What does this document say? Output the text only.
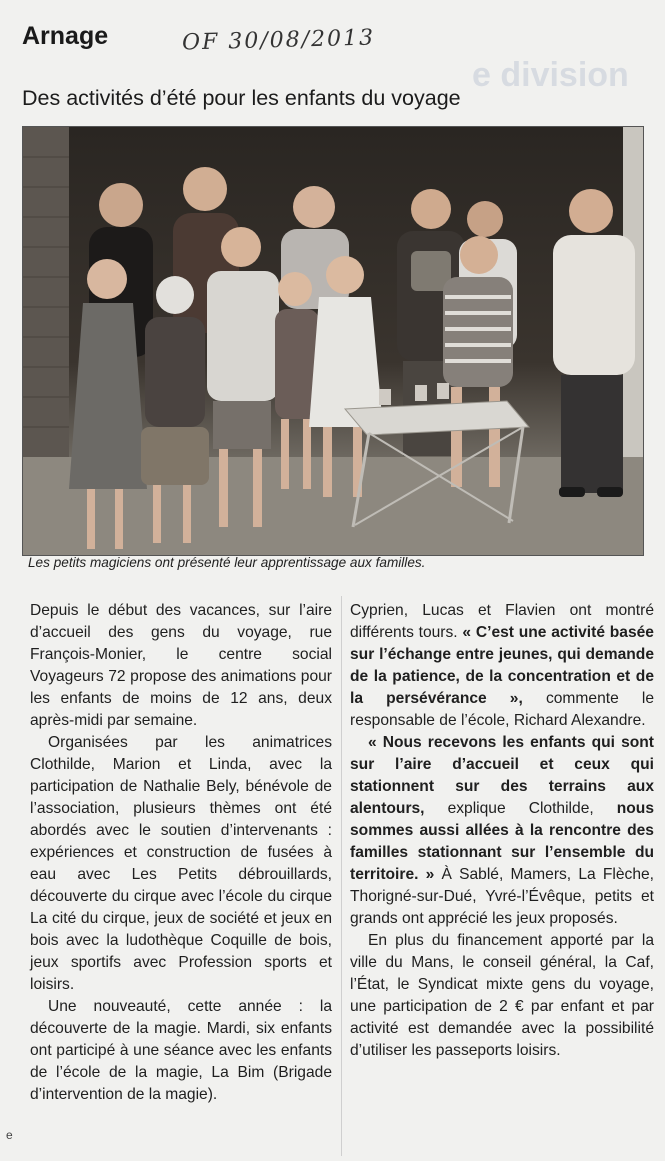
Arnage	OF 30/08/2013
e division
Des activités d’été pour les enfants du voyage
Les petits magiciens ont présenté leur apprentissage aux familles.

Depuis le début des vacances, sur l’aire d’accueil des gens du voyage, rue François-Monier, le centre social Voyageurs 72 propose des animations pour les enfants de moins de 12 ans, deux après-midi par semaine.

Organisées par les animatrices Clothilde, Marion et Linda, avec la participation de Nathalie Bely, bénévole de l’association, plusieurs thèmes ont été abordés avec le soutien d’intervenants : expériences et construction de fusées à eau avec Les Petits débrouillards, découverte du cirque avec l’école du cirque La cité du cirque, jeux de société et jeux en bois avec la ludothèque Coquille de bois, jeux sportifs avec Profession sports et loisirs.

Une nouveauté, cette année : la découverte de la magie. Mardi, six enfants ont participé à une séance avec les enfants de l’école de la magie, La Bim (Brigade d’intervention de la magie).

Cyprien, Lucas et Flavien ont montré différents tours. « C’est une activité basée sur l’échange entre jeunes, qui demande de la patience, de la concentration et de la persévérance », commente le responsable de l’école, Richard Alexandre.

« Nous recevons les enfants qui sont sur l’aire d’accueil et ceux qui stationnent sur des terrains aux alentours, explique Clothilde, nous sommes aussi allées à la rencontre des familles stationnant sur l’ensemble du territoire. » À Sablé, Mamers, La Flèche, Thorigné-sur-Dué, Yvré-l’Évêque, petits et grands ont apprécié les jeux proposés.

En plus du financement apporté par la ville du Mans, le conseil général, la Caf, l’État, le Syndicat mixte gens du voyage, une participation de 2 € par enfant et par activité est demandée avec la possibilité d’utiliser les passeports loisirs.

e
